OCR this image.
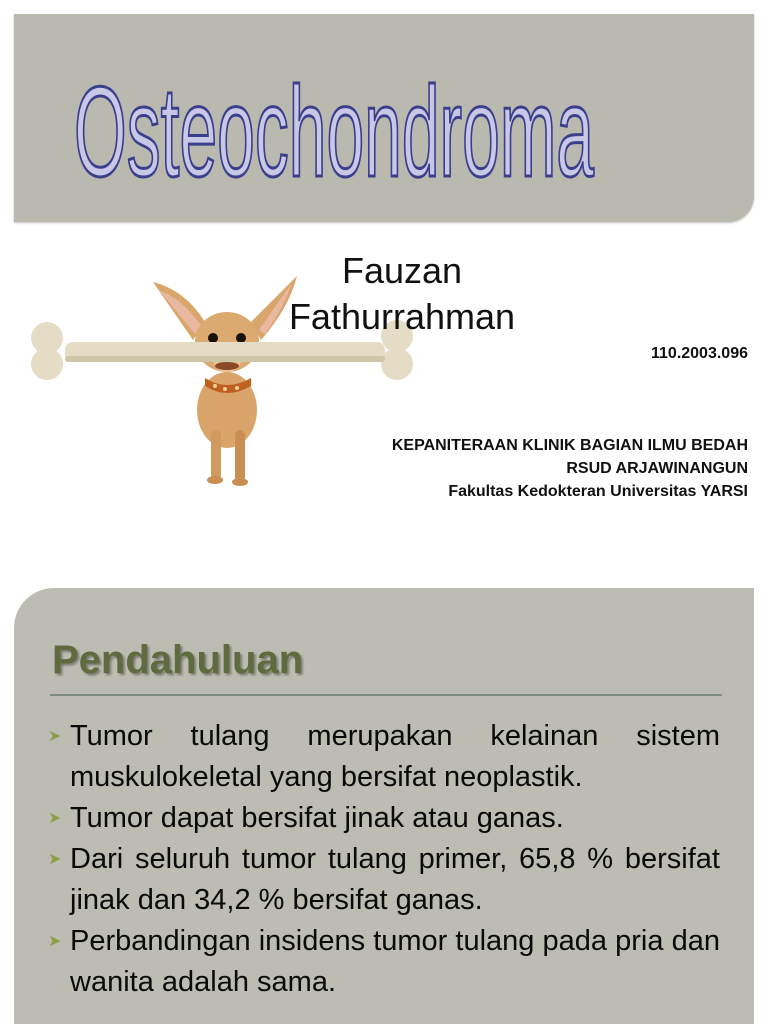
Osteochondroma
Fauzan Fathurrahman
110.2003.096
KEPANITERAAN KLINIK BAGIAN ILMU BEDAH
RSUD ARJAWINANGUN
Fakultas Kedokteran Universitas YARSI
Pendahuluan
➤ Tumor tulang merupakan kelainan sistem muskulokeletal yang bersifat neoplastik.
➤ Tumor dapat bersifat jinak atau ganas.
➤ Dari seluruh tumor tulang primer, 65,8 % bersifat jinak dan 34,2 % bersifat ganas.
➤ Perbandingan insidens tumor tulang pada pria dan wanita adalah sama.
